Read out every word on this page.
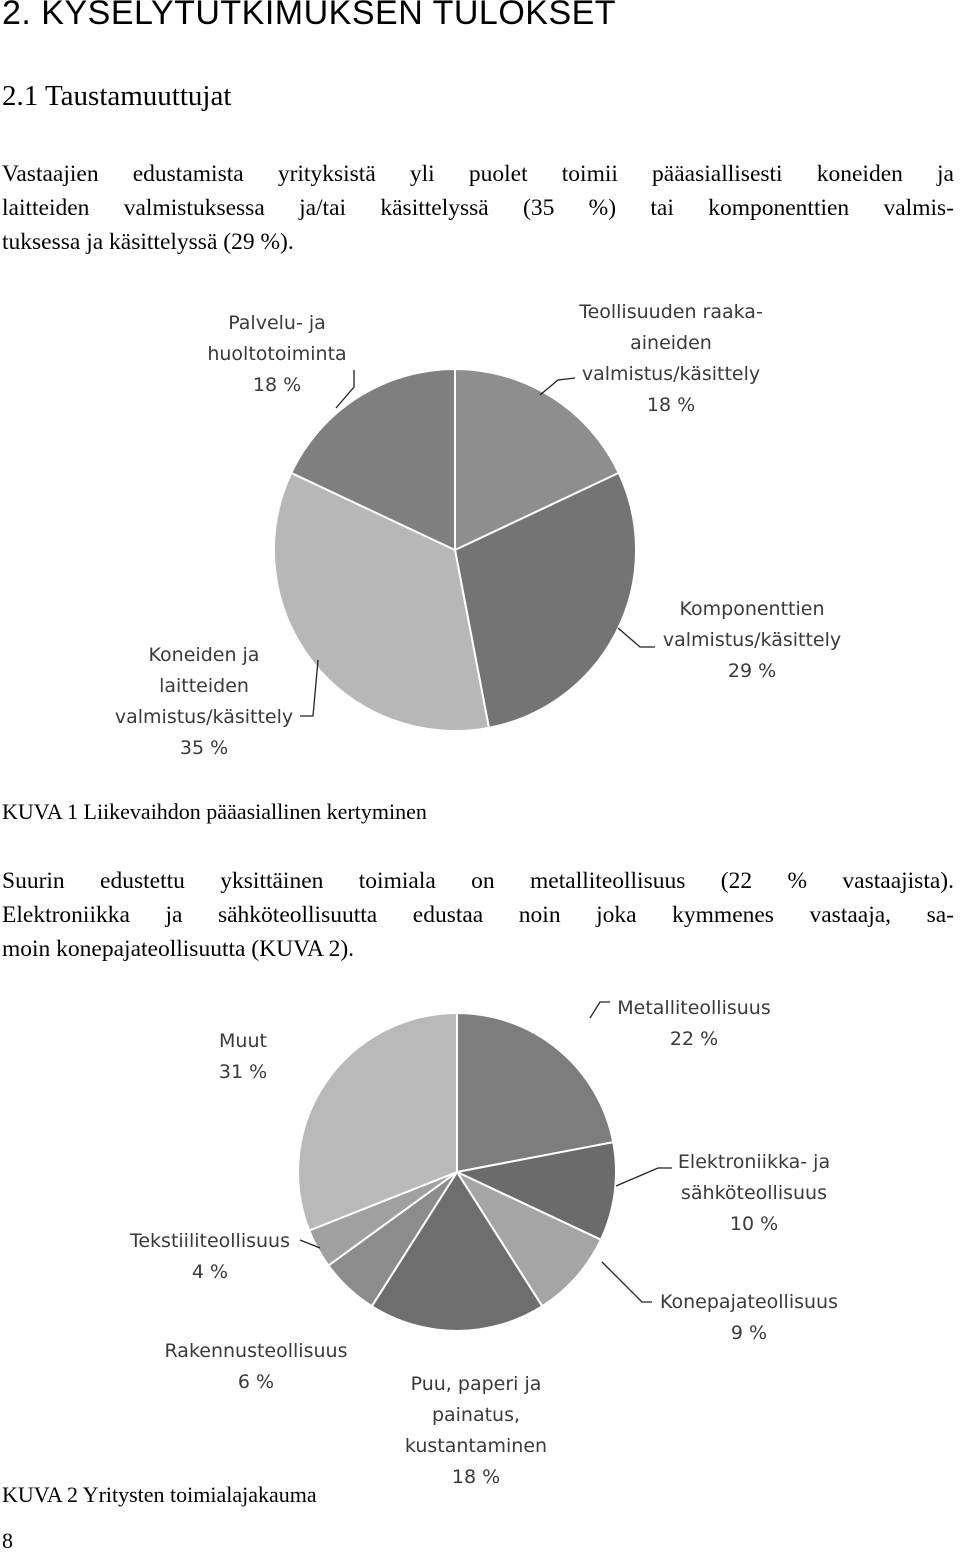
2. KYSELYTUTKIMUKSEN TULOKSET
2.1 Taustamuuttujat
Vastaajien edustamista yrityksistä yli puolet toimii pääasiallisesti koneiden ja
laitteiden valmistuksessa ja/tai käsittelyssä (35 %) tai komponenttien valmis-
tuksessa ja käsittelyssä (29 %).
KUVA 1 Liikevaihdon pääasiallinen kertyminen
Suurin edustettu yksittäinen toimiala on metalliteollisuus (22 % vastaajista).
Elektroniikka ja sähköteollisuutta edustaa noin joka kymmenes vastaaja, sa-
moin konepajateollisuutta (KUVA 2).
KUVA 2 Yritysten toimialajakauma
8
Teollisuuden raaka-
aineiden
valmistus/käsittely
18 %
Komponenttien
valmistus/käsittely
29 %
Koneiden ja
laitteiden
valmistus/käsittely
35 %
Palvelu- ja
huoltotoiminta
18 %
Metalliteollisuus
22 %
Elektroniikka- ja
sähköteollisuus
10 %
Konepajateollisuus
9 %
Puu, paperi ja
painatus,
kustantaminen
18 %
Rakennusteollisuus
6 %
Tekstiiliteollisuus
4 %
Muut
31 %
